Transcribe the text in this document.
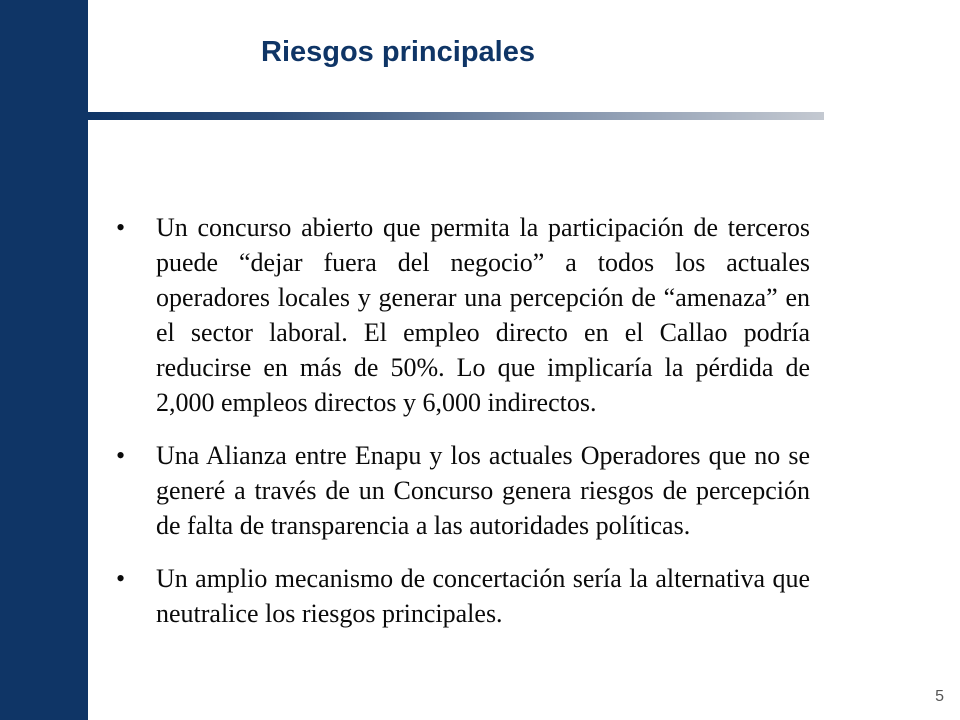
Riesgos principales
• Un concurso abierto que permita la participación de terceros puede “dejar fuera del negocio” a todos los actuales operadores locales y generar una percepción de “amenaza” en el sector laboral. El empleo directo en el Callao podría reducirse en más de 50%. Lo que implicaría la pérdida de 2,000 empleos directos y 6,000 indirectos.
• Una Alianza entre Enapu y los actuales Operadores que no se generé a través de un Concurso genera riesgos de percepción de falta de transparencia a las autoridades políticas.
• Un amplio mecanismo de concertación sería la alternativa que neutralice los riesgos principales.
5
